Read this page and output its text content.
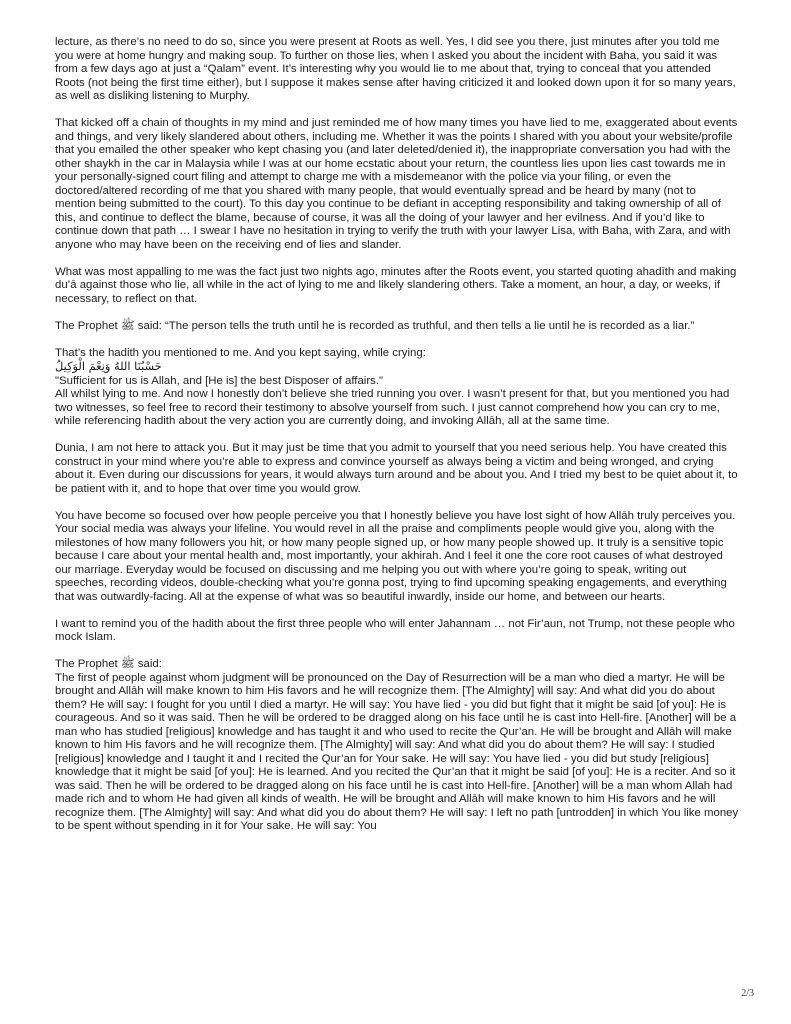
lecture, as there’s no need to do so, since you were present at Roots as well. Yes, I did see you there, just minutes after you told me you were at home hungry and making soup. To further on those lies, when I asked you about the incident with Baha, you said it was from a few days ago at just a “Qalam” event. It’s interesting why you would lie to me about that, trying to conceal that you attended Roots (not being the first time either), but I suppose it makes sense after having criticized it and looked down upon it for so many years, as well as disliking listening to Murphy.

That kicked off a chain of thoughts in my mind and just reminded me of how many times you have lied to me, exaggerated about events and things, and very likely slandered about others, including me. Whether it was the points I shared with you about your website/profile that you emailed the other speaker who kept chasing you (and later deleted/denied it), the inappropriate conversation you had with the other shaykh in the car in Malaysia while I was at our home ecstatic about your return, the countless lies upon lies cast towards me in your personally-signed court filing and attempt to charge me with a misdemeanor with the police via your filing, or even the doctored/altered recording of me that you shared with many people, that would eventually spread and be heard by many (not to mention being submitted to the court). To this day you continue to be defiant in accepting responsibility and taking ownership of all of this, and continue to deflect the blame, because of course, it was all the doing of your lawyer and her evilness. And if you’d like to continue down that path … I swear I have no hesitation in trying to verify the truth with your lawyer Lisa, with Baha, with Zara, and with anyone who may have been on the receiving end of lies and slander.

What was most appalling to me was the fact just two nights ago, minutes after the Roots event, you started quoting ahadīth and making du’ā against those who lie, all while in the act of lying to me and likely slandering others. Take a moment, an hour, a day, or weeks, if necessary, to reflect on that.

The Prophet ﷺ said: “The person tells the truth until he is recorded as truthful, and then tells a lie until he is recorded as a liar.”

That’s the hadith you mentioned to me. And you kept saying, while crying:
حَسْبُنَا اللهُ وَنِعْمَ الْوَكِيلُ
"Sufficient for us is Allah, and [He is] the best Disposer of affairs."
All whilst lying to me. And now I honestly don’t believe she tried running you over. I wasn’t present for that, but you mentioned you had two witnesses, so feel free to record their testimony to absolve yourself from such. I just cannot comprehend how you can cry to me, while referencing hadith about the very action you are currently doing, and invoking Allāh, all at the same time.

Dunia, I am not here to attack you. But it may just be time that you admit to yourself that you need serious help. You have created this construct in your mind where you’re able to express and convince yourself as always being a victim and being wronged, and crying about it. Even during our discussions for years, it would always turn around and be about you. And I tried my best to be quiet about it, to be patient with it, and to hope that over time you would grow.

You have become so focused over how people perceive you that I honestly believe you have lost sight of how Allāh truly perceives you. Your social media was always your lifeline. You would revel in all the praise and compliments people would give you, along with the milestones of how many followers you hit, or how many people signed up, or how many people showed up. It truly is a sensitive topic because I care about your mental health and, most importantly, your akhirah. And I feel it one the core root causes of what destroyed our marriage. Everyday would be focused on discussing and me helping you out with where you’re going to speak, writing out speeches, recording videos, double-checking what you’re gonna post, trying to find upcoming speaking engagements, and everything that was outwardly-facing. All at the expense of what was so beautiful inwardly, inside our home, and between our hearts.

I want to remind you of the hadith about the first three people who will enter Jahannam … not Fir’aun, not Trump, not these people who mock Islam.

The Prophet ﷺ said:
The first of people against whom judgment will be pronounced on the Day of Resurrection will be a man who died a martyr. He will be brought and Allāh will make known to him His favors and he will recognize them. [The Almighty] will say: And what did you do about them? He will say: I fought for you until I died a martyr. He will say: You have lied - you did but fight that it might be said [of you]: He is courageous. And so it was said. Then he will be ordered to be dragged along on his face until he is cast into Hell-fire. [Another] will be a man who has studied [religious] knowledge and has taught it and who used to recite the Qur’an. He will be brought and Allāh will make known to him His favors and he will recognize them. [The Almighty] will say: And what did you do about them? He will say: I studied [religious] knowledge and I taught it and I recited the Qur’an for Your sake. He will say: You have lied - you did but study [religious] knowledge that it might be said [of you]: He is learned. And you recited the Qur’an that it might be said [of you]: He is a reciter. And so it was said. Then he will be ordered to be dragged along on his face until he is cast into Hell-fire. [Another] will be a man whom Allah had made rich and to whom He had given all kinds of wealth. He will be brought and Allāh will make known to him His favors and he will recognize them. [The Almighty] will say: And what did you do about them? He will say: I left no path [untrodden] in which You like money to be spent without spending in it for Your sake. He will say: You

2/3
